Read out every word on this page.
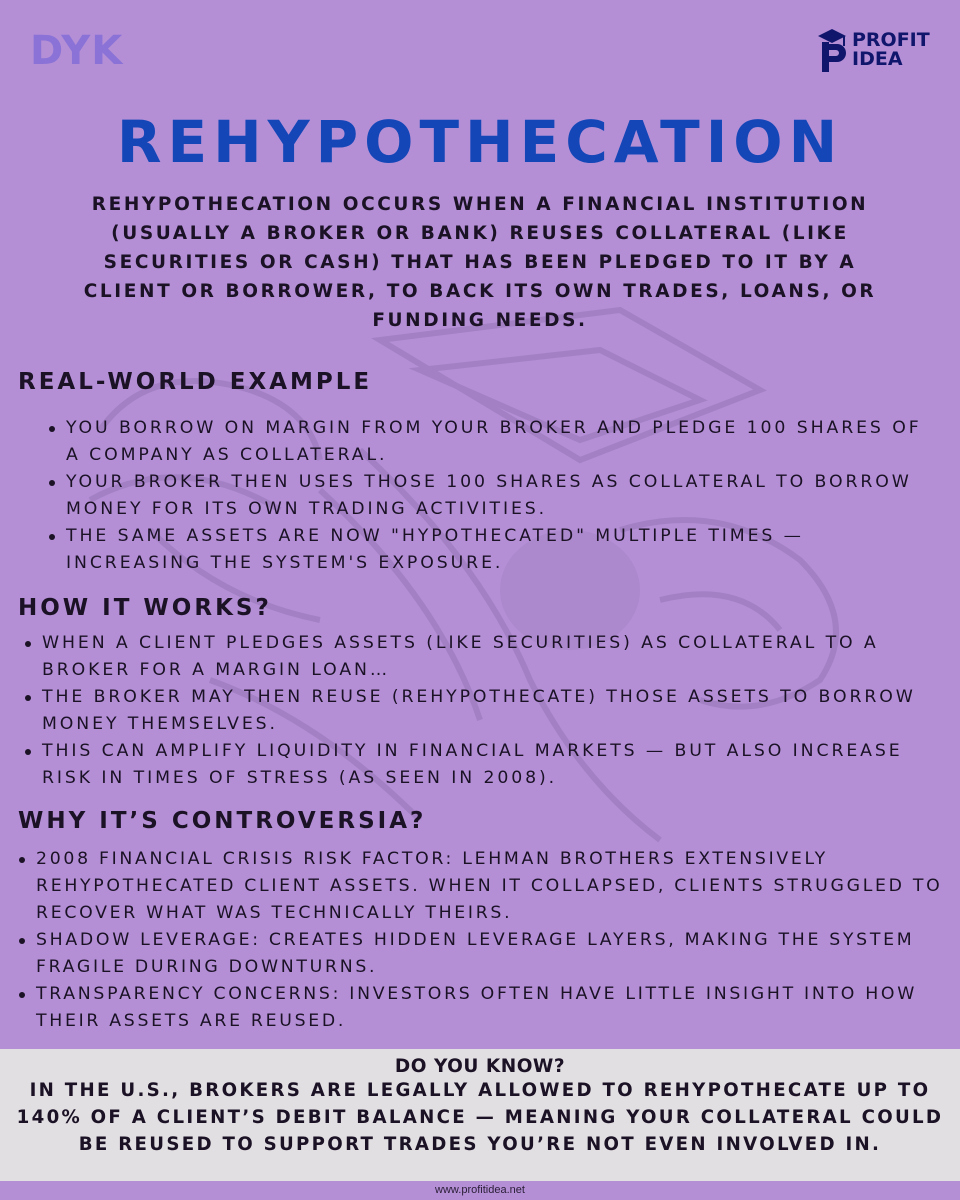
DYK	PROFIT
IDEA
REHYPOTHECATION

REHYPOTHECATION OCCURS WHEN A FINANCIAL INSTITUTION (USUALLY A BROKER OR BANK) REUSES COLLATERAL (LIKE SECURITIES OR CASH) THAT HAS BEEN PLEDGED TO IT BY A CLIENT OR BORROWER, TO BACK ITS OWN TRADES, LOANS, OR FUNDING NEEDS.

REAL-WORLD EXAMPLE
YOU BORROW ON MARGIN FROM YOUR BROKER AND PLEDGE 100 SHARES OF A COMPANY AS COLLATERAL.
YOUR BROKER THEN USES THOSE 100 SHARES AS COLLATERAL TO BORROW MONEY FOR ITS OWN TRADING ACTIVITIES.
THE SAME ASSETS ARE NOW "HYPOTHECATED" MULTIPLE TIMES — INCREASING THE SYSTEM'S EXPOSURE.
HOW IT WORKS?
WHEN A CLIENT PLEDGES ASSETS (LIKE SECURITIES) AS COLLATERAL TO A BROKER FOR A MARGIN LOAN…
THE BROKER MAY THEN REUSE (REHYPOTHECATE) THOSE ASSETS TO BORROW MONEY THEMSELVES.
THIS CAN AMPLIFY LIQUIDITY IN FINANCIAL MARKETS — BUT ALSO INCREASE RISK IN TIMES OF STRESS (AS SEEN IN 2008).
WHY IT’S CONTROVERSIA?
2008 FINANCIAL CRISIS RISK FACTOR: LEHMAN BROTHERS EXTENSIVELY REHYPOTHECATED CLIENT ASSETS. WHEN IT COLLAPSED, CLIENTS STRUGGLED TO RECOVER WHAT WAS TECHNICALLY THEIRS.
SHADOW LEVERAGE: CREATES HIDDEN LEVERAGE LAYERS, MAKING THE SYSTEM FRAGILE DURING DOWNTURNS.
TRANSPARENCY CONCERNS: INVESTORS OFTEN HAVE LITTLE INSIGHT INTO HOW THEIR ASSETS ARE REUSED.
DO YOU KNOW?
IN THE U.S., BROKERS ARE LEGALLY ALLOWED TO REHYPOTHECATE UP TO 140% OF A CLIENT’S DEBIT BALANCE — MEANING YOUR COLLATERAL COULD BE REUSED TO SUPPORT TRADES YOU’RE NOT EVEN INVOLVED IN.
www.profitidea.net
